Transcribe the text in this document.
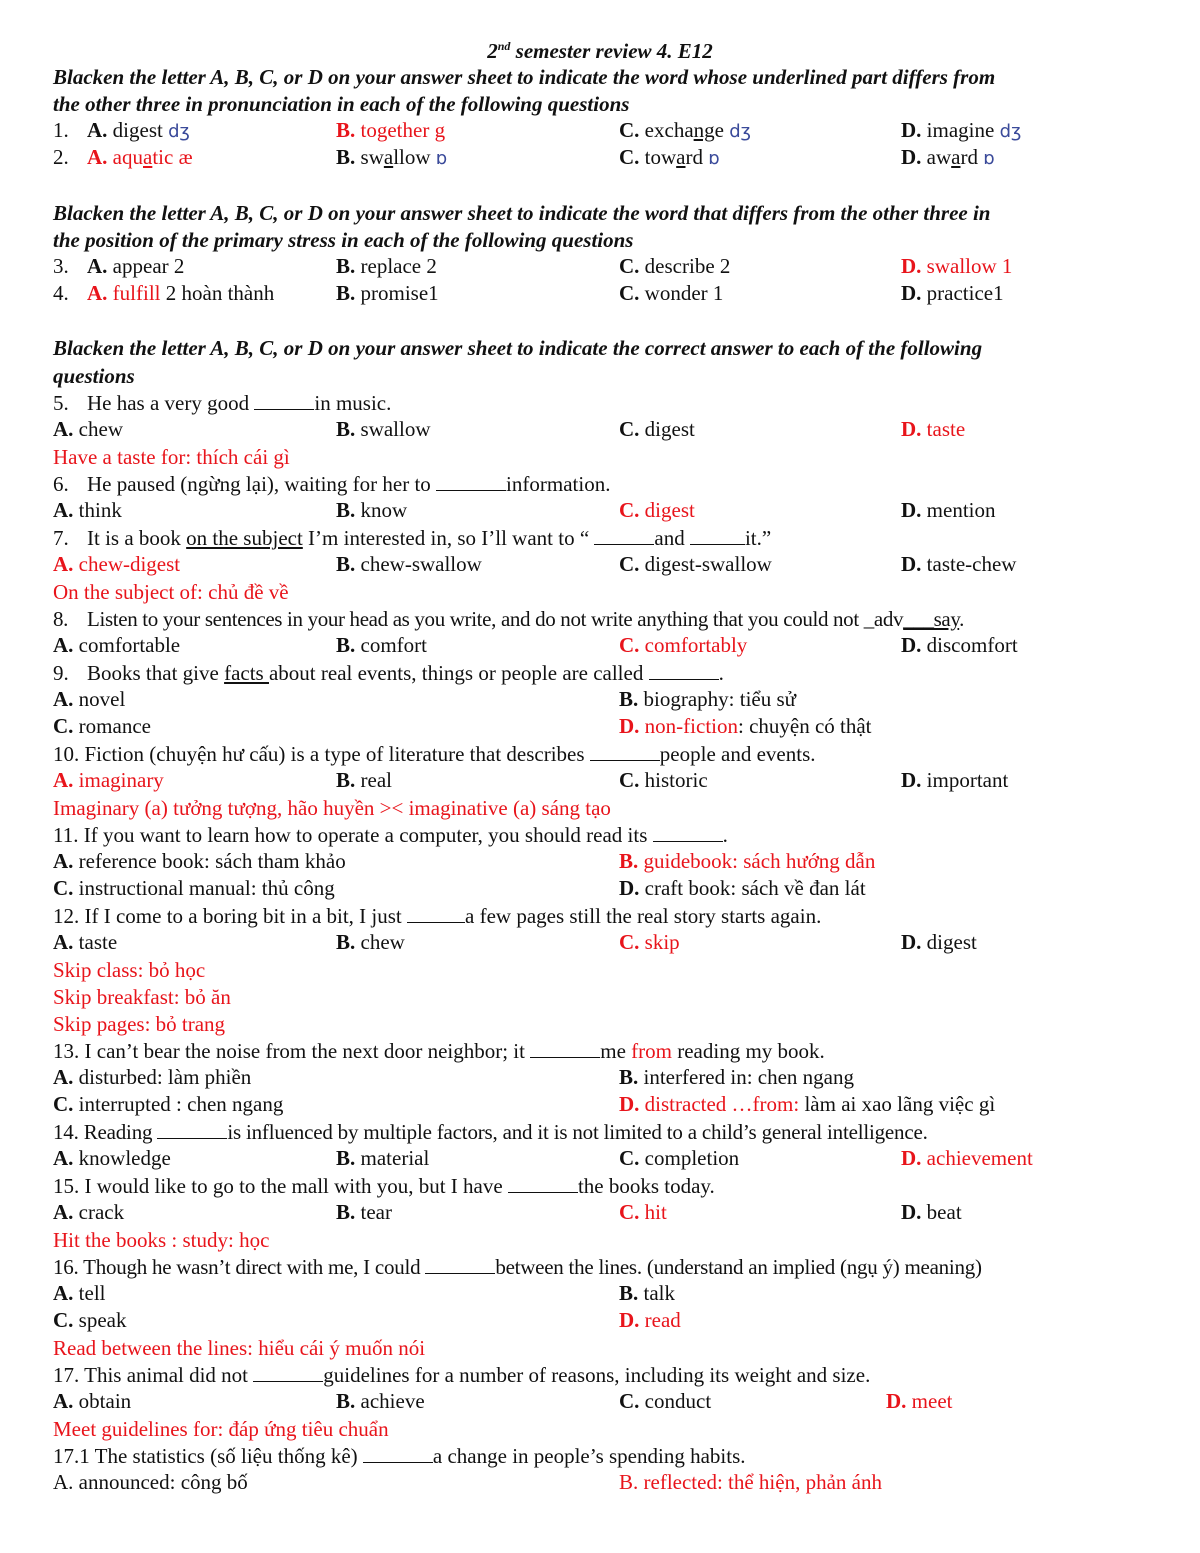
2nd semester review 4. E12
Blacken the letter A, B, C, or D on your answer sheet to indicate the word whose underlined part differs from
the other three in pronunciation in each of the following questions
1. A. digest dʒ	B. together g	C. exchange dʒ	D. imagine dʒ
2. A. aquatic æ	B. swallow ɒ	C. toward ɒ	D. award ɒ
Blacken the letter A, B, C, or D on your answer sheet to indicate the word that differs from the other three in
the position of the primary stress in each of the following questions
3. A. appear 2	B. replace 2	C. describe 2	D. swallow 1
4. A. fulfill 2 hoàn thành	B. promise1	C. wonder 1	D. practice1
Blacken the letter A, B, C, or D on your answer sheet to indicate the correct answer to each of the following
questions
5. He has a very good	in music.
A. chew	B. swallow	C. digest	D. taste
Have a taste for: thích cái gì
6. He paused (ngừng lại), waiting for her to	information.
A. think	B. know	C. digest	D. mention
7. It is a book on the subject I’m interested in, so I’ll want to “	and	it.”
A. chew-digest	B. chew-swallow	C. digest-swallow	D. taste-chew
On the subject of: chủ đề về
8. Listen to your sentences in your head as you write, and do not write anything that you could not _adv___say.
A. comfortable	B. comfort	C. comfortably	D. discomfort
9. Books that give facts about real events, things or people are called	.
A. novel	B. biography: tiểu sử
C. romance	D. non-fiction: chuyện có thật
10. Fiction (chuyện hư cấu) is a type of literature that describes	people and events.
A. imaginary	B. real	C. historic	D. important
Imaginary (a) tưởng tượng, hão huyền >< imaginative (a) sáng tạo
11. If you want to learn how to operate a computer, you should read its	.
A. reference book: sách tham khảo	B. guidebook: sách hướng dẫn
C. instructional manual: thủ công	D. craft book: sách về đan lát
12. If I come to a boring bit in a bit, I just	a few pages still the real story starts again.
A. taste	B. chew	C. skip	D. digest
Skip class: bỏ học
Skip breakfast: bỏ ăn
Skip pages: bỏ trang
13. I can’t bear the noise from the next door neighbor; it	me from reading my book.
A. disturbed: làm phiền	B. interfered in: chen ngang
C. interrupted : chen ngang	D. distracted …from: làm ai xao lãng việc gì
14. Reading	is influenced by multiple factors, and it is not limited to a child’s general intelligence.
A. knowledge	B. material	C. completion	D. achievement
15. I would like to go to the mall with you, but I have	the books today.
A. crack	B. tear	C. hit	D. beat
Hit the books : study: học
16. Though he wasn’t direct with me, I could	between the lines. (understand an implied (ngụ ý) meaning)
A. tell	B. talk
C. speak	D. read
Read between the lines: hiểu cái ý muốn nói
17. This animal did not	guidelines for a number of reasons, including its weight and size.
A. obtain	B. achieve	C. conduct	D. meet
Meet guidelines for: đáp ứng tiêu chuẩn
17.1 The statistics (số liệu thống kê)	a change in people’s spending habits.
A. announced: công bố	B. reflected: thể hiện, phản ánh
